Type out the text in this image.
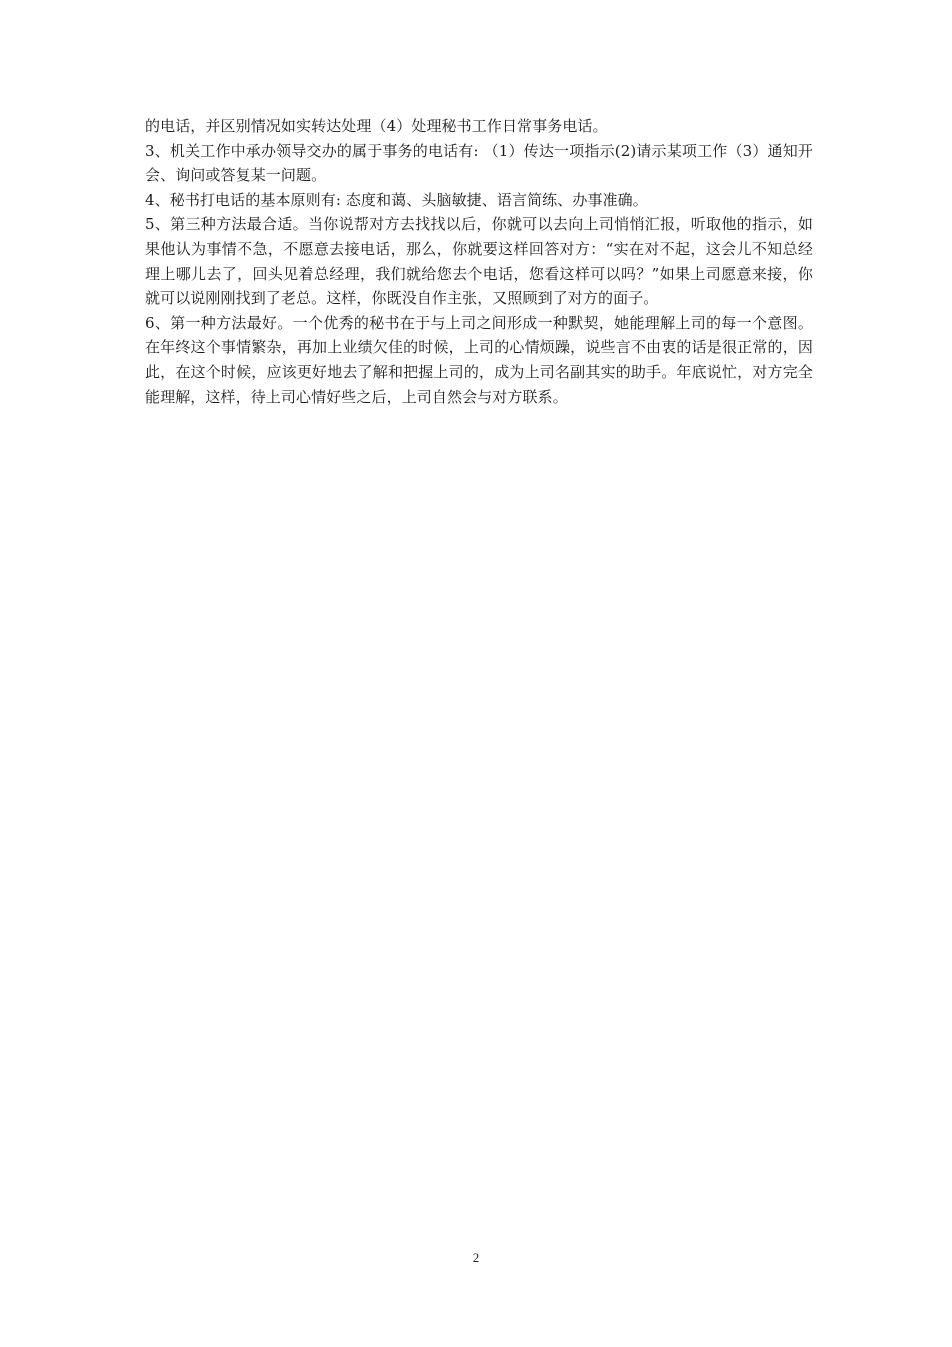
的电话，并区别情况如实转达处理（4）处理秘书工作日常事务电话。

3、机关工作中承办领导交办的属于事务的电话有: （1）传达一项指示(2)请示某项工作（3）通知开会、询问或答复某一问题。

4、秘书打电话的基本原则有: 态度和蔼、头脑敏捷、语言简练、办事准确。

5、第三种方法最合适。当你说帮对方去找找以后，你就可以去向上司悄悄汇报，听取他的指示，如果他认为事情不急，不愿意去接电话，那么，你就要这样回答对方：“实在对不起，这会儿不知总经理上哪儿去了，回头见着总经理，我们就给您去个电话，您看这样可以吗？”如果上司愿意来接，你就可以说刚刚找到了老总。这样，你既没自作主张，又照顾到了对方的面子。

6、第一种方法最好。一个优秀的秘书在于与上司之间形成一种默契，她能理解上司的每一个意图。在年终这个事情繁杂，再加上业绩欠佳的时候，上司的心情烦躁，说些言不由衷的话是很正常的，因此，在这个时候，应该更好地去了解和把握上司的，成为上司名副其实的助手。年底说忙，对方完全能理解，这样，待上司心情好些之后，上司自然会与对方联系。

2
